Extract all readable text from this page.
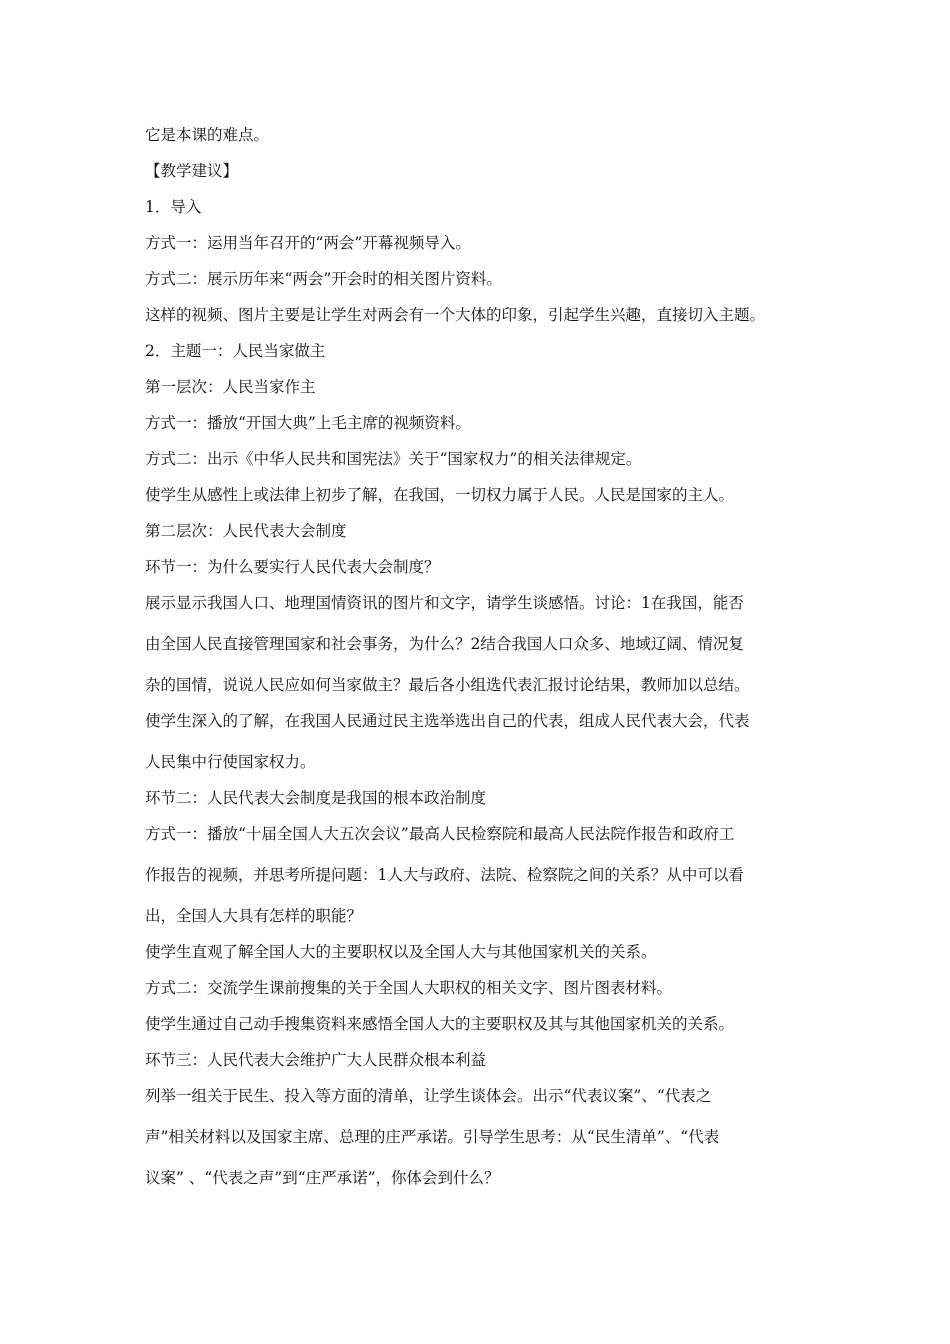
它是本课的难点。

【教学建议】

1．导入

方式一：运用当年召开的“两会”开幕视频导入。

方式二：展示历年来“两会”开会时的相关图片资料。

这样的视频、图片主要是让学生对两会有一个大体的印象，引起学生兴趣，直接切入主题。

2．主题一：人民当家做主

第一层次：人民当家作主

方式一：播放“开国大典”上毛主席的视频资料。

方式二：出示《中华人民共和国宪法》关于“国家权力”的相关法律规定。

使学生从感性上或法律上初步了解，在我国，一切权力属于人民。人民是国家的主人。

第二层次：人民代表大会制度

环节一：为什么要实行人民代表大会制度？

展示显示我国人口、地理国情资讯的图片和文字，请学生谈感悟。讨论：1在我国，能否

由全国人民直接管理国家和社会事务，为什么？2结合我国人口众多、地域辽阔、情况复

杂的国情，说说人民应如何当家做主？最后各小组选代表汇报讨论结果，教师加以总结。

使学生深入的了解，在我国人民通过民主选举选出自己的代表，组成人民代表大会，代表

人民集中行使国家权力。

环节二：人民代表大会制度是我国的根本政治制度

方式一：播放“十届全国人大五次会议”最高人民检察院和最高人民法院作报告和政府工

作报告的视频，并思考所提问题：1人大与政府、法院、检察院之间的关系？从中可以看

出，全国人大具有怎样的职能？

使学生直观了解全国人大的主要职权以及全国人大与其他国家机关的关系。

方式二：交流学生课前搜集的关于全国人大职权的相关文字、图片图表材料。

使学生通过自己动手搜集资料来感悟全国人大的主要职权及其与其他国家机关的关系。

环节三：人民代表大会维护广大人民群众根本利益

列举一组关于民生、投入等方面的清单，让学生谈体会。出示“代表议案”、“代表之

声”相关材料以及国家主席、总理的庄严承诺。引导学生思考：从“民生清单”、“代表

议案” 、“代表之声”到“庄严承诺”，你体会到什么？
